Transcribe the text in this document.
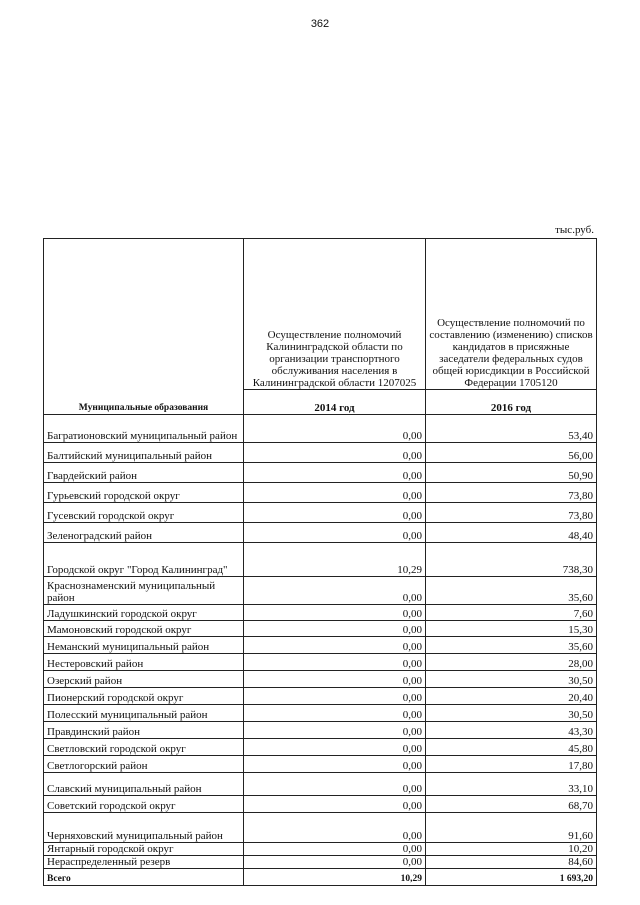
362
тыс.руб.
Муниципальные образования	Осуществление полномочий Калининградской области по организации транспортного обслуживания населения в Калининградской области 1207025	Осуществление полномочий по составлению (изменению) списков кандидатов в присяжные заседатели федеральных судов общей юрисдикции в Российской Федерации 1705120
	2014 год	2016 год
Багратионовский муниципальный район	0,00	53,40
Балтийский муниципальный район	0,00	56,00
Гвардейский район	0,00	50,90
Гурьевский городской округ	0,00	73,80
Гусевский городской округ	0,00	73,80
Зеленоградский район	0,00	48,40
Городской округ "Город Калининград"	10,29	738,30
Краснознаменский муниципальный район	0,00	35,60
Ладушкинский городской округ	0,00	7,60
Мамоновский городской округ	0,00	15,30
Неманский муниципальный район	0,00	35,60
Нестеровский район	0,00	28,00
Озерский район	0,00	30,50
Пионерский городской округ	0,00	20,40
Полесский муниципальный район	0,00	30,50
Правдинский район	0,00	43,30
Светловский городской округ	0,00	45,80
Светлогорский район	0,00	17,80
Славский муниципальный район	0,00	33,10
Советский городской округ	0,00	68,70
Черняховский муниципальный район	0,00	91,60
Янтарный городской округ	0,00	10,20
Нераспределенный резерв	0,00	84,60
Всего	10,29	1 693,20
